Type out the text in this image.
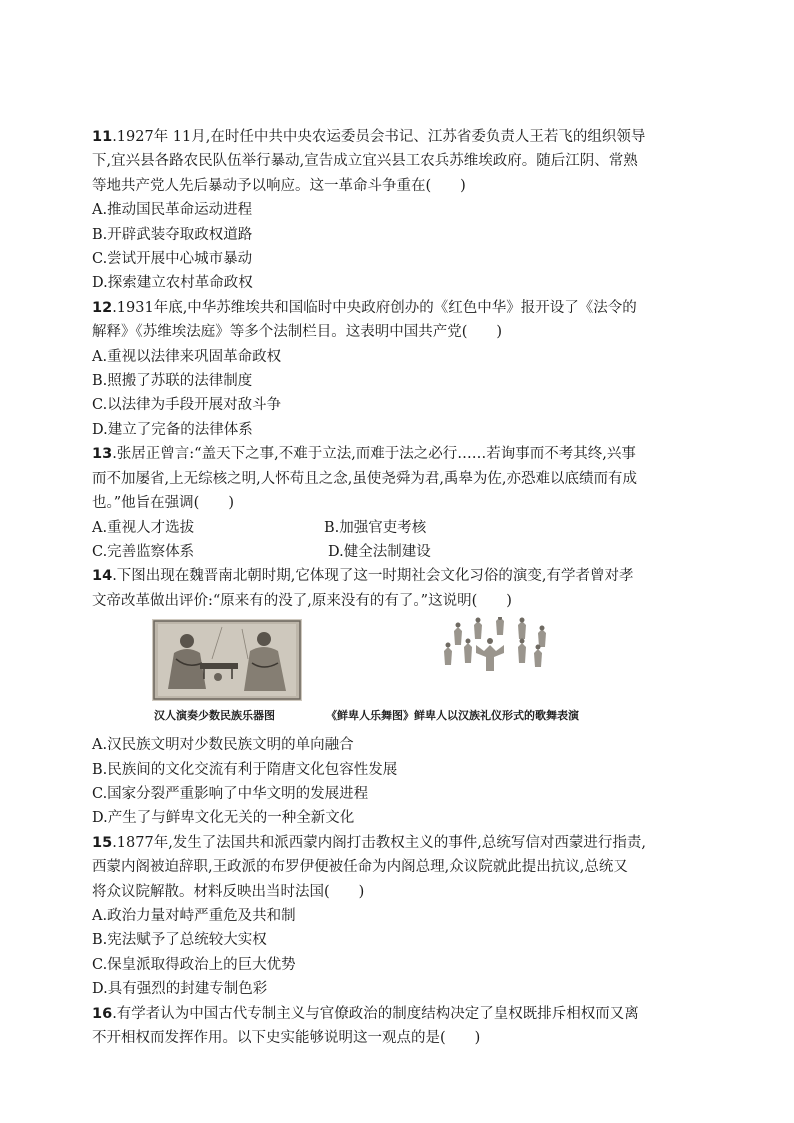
11.1927年 11月,在时任中共中央农运委员会书记、江苏省委负责人王若飞的组织领导
下,宜兴县各路农民队伍举行暴动,宣告成立宜兴县工农兵苏维埃政府。随后江阴、常熟
等地共产党人先后暴动予以响应。这一革命斗争重在(　　)
A.推动国民革命运动进程
B.开辟武装夺取政权道路
C.尝试开展中心城市暴动
D.探索建立农村革命政权
12.1931年底,中华苏维埃共和国临时中央政府创办的《红色中华》报开设了《法令的
解释》《苏维埃法庭》等多个法制栏目。这表明中国共产党(　　)
A.重视以法律来巩固革命政权
B.照搬了苏联的法律制度
C.以法律为手段开展对敌斗争
D.建立了完备的法律体系
13.张居正曾言:“盖天下之事,不难于立法,而难于法之必行……若询事而不考其终,兴事
而不加屡省,上无综核之明,人怀苟且之念,虽使尧舜为君,禹皋为佐,亦恐难以底绩而有成
也。”他旨在强调(　　)
A.重视人才选拔	B.加强官吏考核
C.完善监察体系	D.健全法制建设
14.下图出现在魏晋南北朝时期,它体现了这一时期社会文化习俗的演变,有学者曾对孝
文帝改革做出评价:“原来有的没了,原来没有的有了。”这说明(　　)
汉人演奏少数民族乐器图	《鲜卑人乐舞图》鲜卑人以汉族礼仪形式的歌舞表演
A.汉民族文明对少数民族文明的单向融合
B.民族间的文化交流有利于隋唐文化包容性发展
C.国家分裂严重影响了中华文明的发展进程
D.产生了与鲜卑文化无关的一种全新文化
15.1877年,发生了法国共和派西蒙内阁打击教权主义的事件,总统写信对西蒙进行指责,
西蒙内阁被迫辞职,王政派的布罗伊便被任命为内阁总理,众议院就此提出抗议,总统又
将众议院解散。材料反映出当时法国(　　)
A.政治力量对峙严重危及共和制
B.宪法赋予了总统较大实权
C.保皇派取得政治上的巨大优势
D.具有强烈的封建专制色彩
16.有学者认为中国古代专制主义与官僚政治的制度结构决定了皇权既排斥相权而又离
不开相权而发挥作用。以下史实能够说明这一观点的是(　　)
